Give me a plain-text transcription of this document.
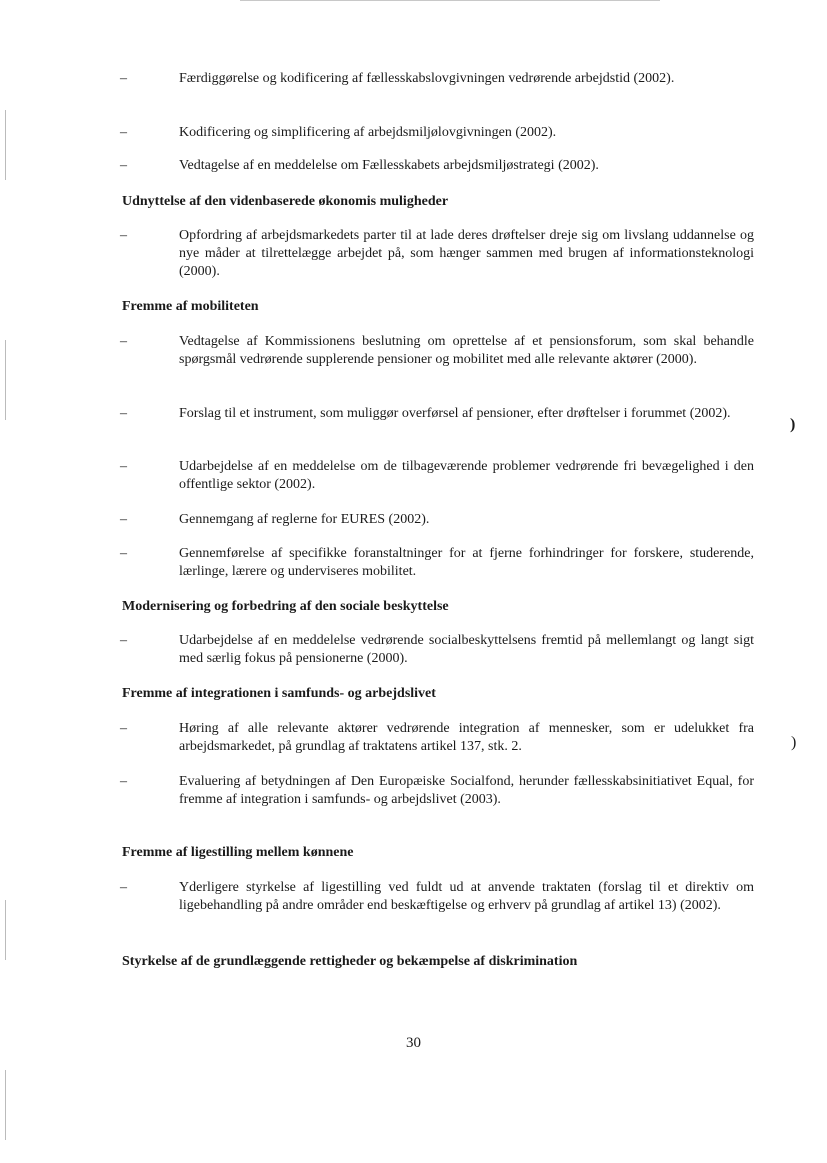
–	Færdiggørelse og kodificering af fællesskabslovgivningen vedrørende arbejdstid (2002).
–	Kodificering og simplificering af arbejdsmiljølovgivningen (2002).
–	Vedtagelse af en meddelelse om Fællesskabets arbejdsmiljøstrategi (2002).
Udnyttelse af den videnbaserede økonomis muligheder
–	Opfordring af arbejdsmarkedets parter til at lade deres drøftelser dreje sig om livslang uddannelse og nye måder at tilrettelægge arbejdet på, som hænger sammen med brugen af informationsteknologi (2000).
Fremme af mobiliteten
–	Vedtagelse af Kommissionens beslutning om oprettelse af et pensionsforum, som skal behandle spørgsmål vedrørende supplerende pensioner og mobilitet med alle relevante aktører (2000).
–	Forslag til et instrument, som muliggør overførsel af pensioner, efter drøftelser i forummet (2002).
–	Udarbejdelse af en meddelelse om de tilbageværende problemer vedrørende fri bevægelighed i den offentlige sektor (2002).
–	Gennemgang af reglerne for EURES (2002).
–	Gennemførelse af specifikke foranstaltninger for at fjerne forhindringer for forskere, studerende, lærlinge, lærere og underviseres mobilitet.
Modernisering og forbedring af den sociale beskyttelse
–	Udarbejdelse af en meddelelse vedrørende socialbeskyttelsens fremtid på mellemlangt og langt sigt med særlig fokus på pensionerne (2000).
Fremme af integrationen i samfunds- og arbejdslivet
–	Høring af alle relevante aktører vedrørende integration af mennesker, som er udelukket fra arbejdsmarkedet, på grundlag af traktatens artikel 137, stk. 2.
–	Evaluering af betydningen af Den Europæiske Socialfond, herunder fællesskabsinitiativet Equal, for fremme af integration i samfunds- og arbejdslivet (2003).
Fremme af ligestilling mellem kønnene
–	Yderligere styrkelse af ligestilling ved fuldt ud at anvende traktaten (forslag til et direktiv om ligebehandling på andre områder end beskæftigelse og erhverv på grundlag af artikel 13) (2002).
Styrkelse af de grundlæggende rettigheder og bekæmpelse af diskrimination
)
)
30
